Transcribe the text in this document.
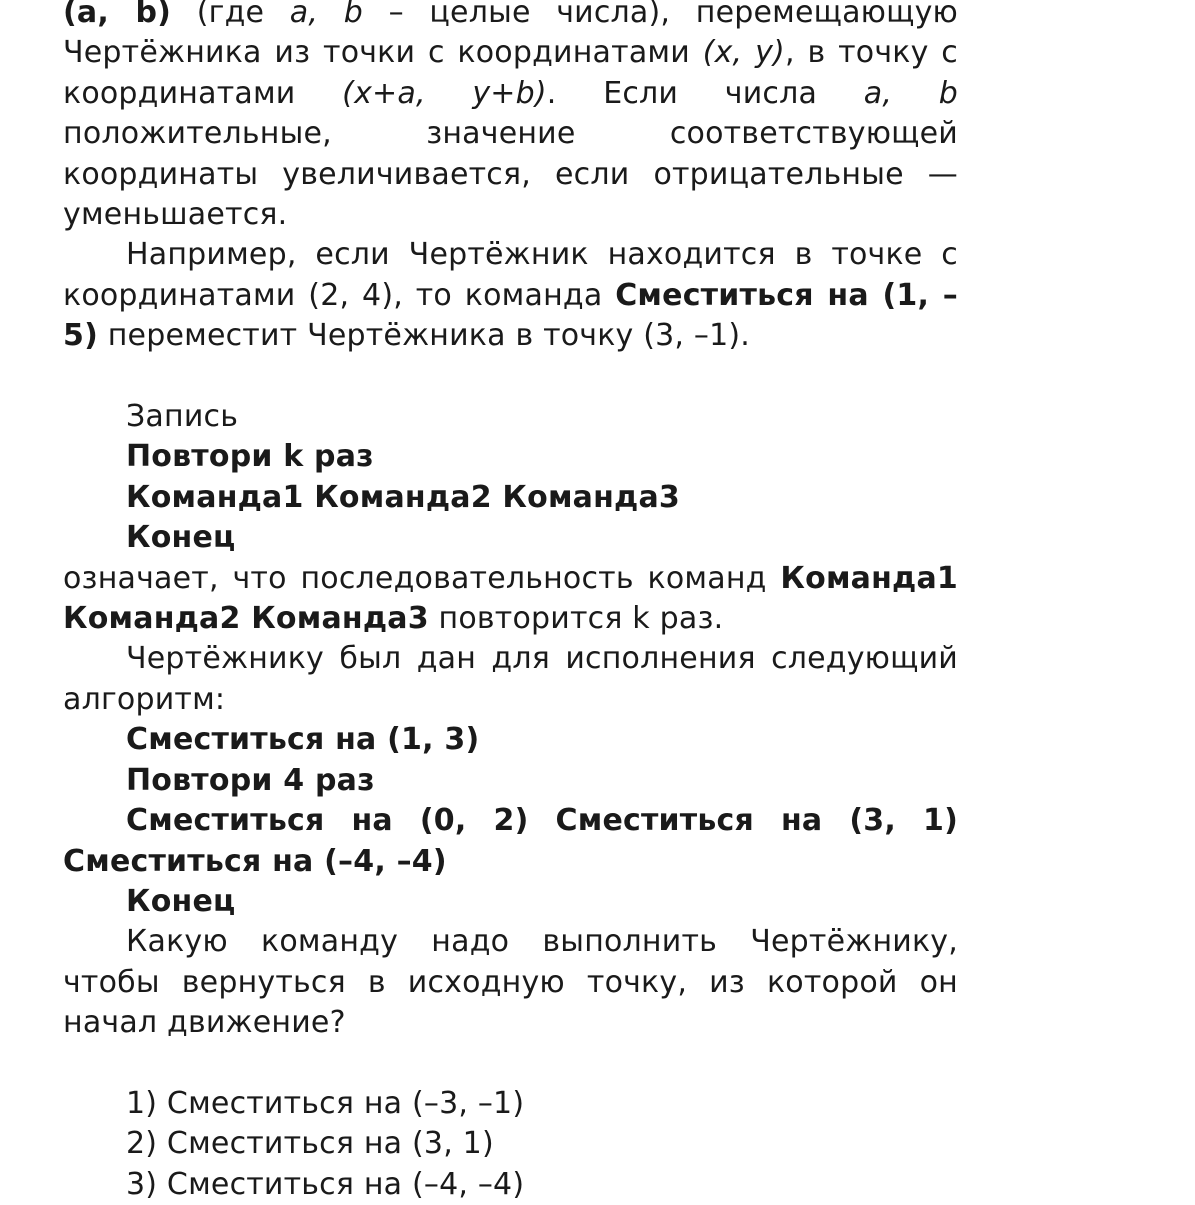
(a, b) (где a, b – целые числа), перемещающую Чертёжника из точки с координатами (x, y), в точку с координатами (x+a, y+b). Если числа a, b положительные, значение соответствующей координаты увеличивается, если отрицательные — уменьшается.

Например, если Чертёжник находится в точке с координатами (2, 4), то команда Сместиться на (1, –5) переместит Чертёжника в точку (3, –1).

Запись

Повтори k раз

Команда1 Команда2 Команда3

Конец

означает, что последовательность команд Команда1 Команда2 Команда3 повторится k раз.

Чертёжнику был дан для исполнения следующий алгоритм:

Сместиться на (1, 3)

Повтори 4 раз

Сместиться на (0, 2) Сместиться на (3, 1) Сместиться на (–4, –4)

Конец

Какую команду надо выполнить Чертёжнику, чтобы вернуться в исходную точку, из которой он начал движение?

1) Сместиться на (–3, –1)

2) Сместиться на (3, 1)

3) Сместиться на (–4, –4)
